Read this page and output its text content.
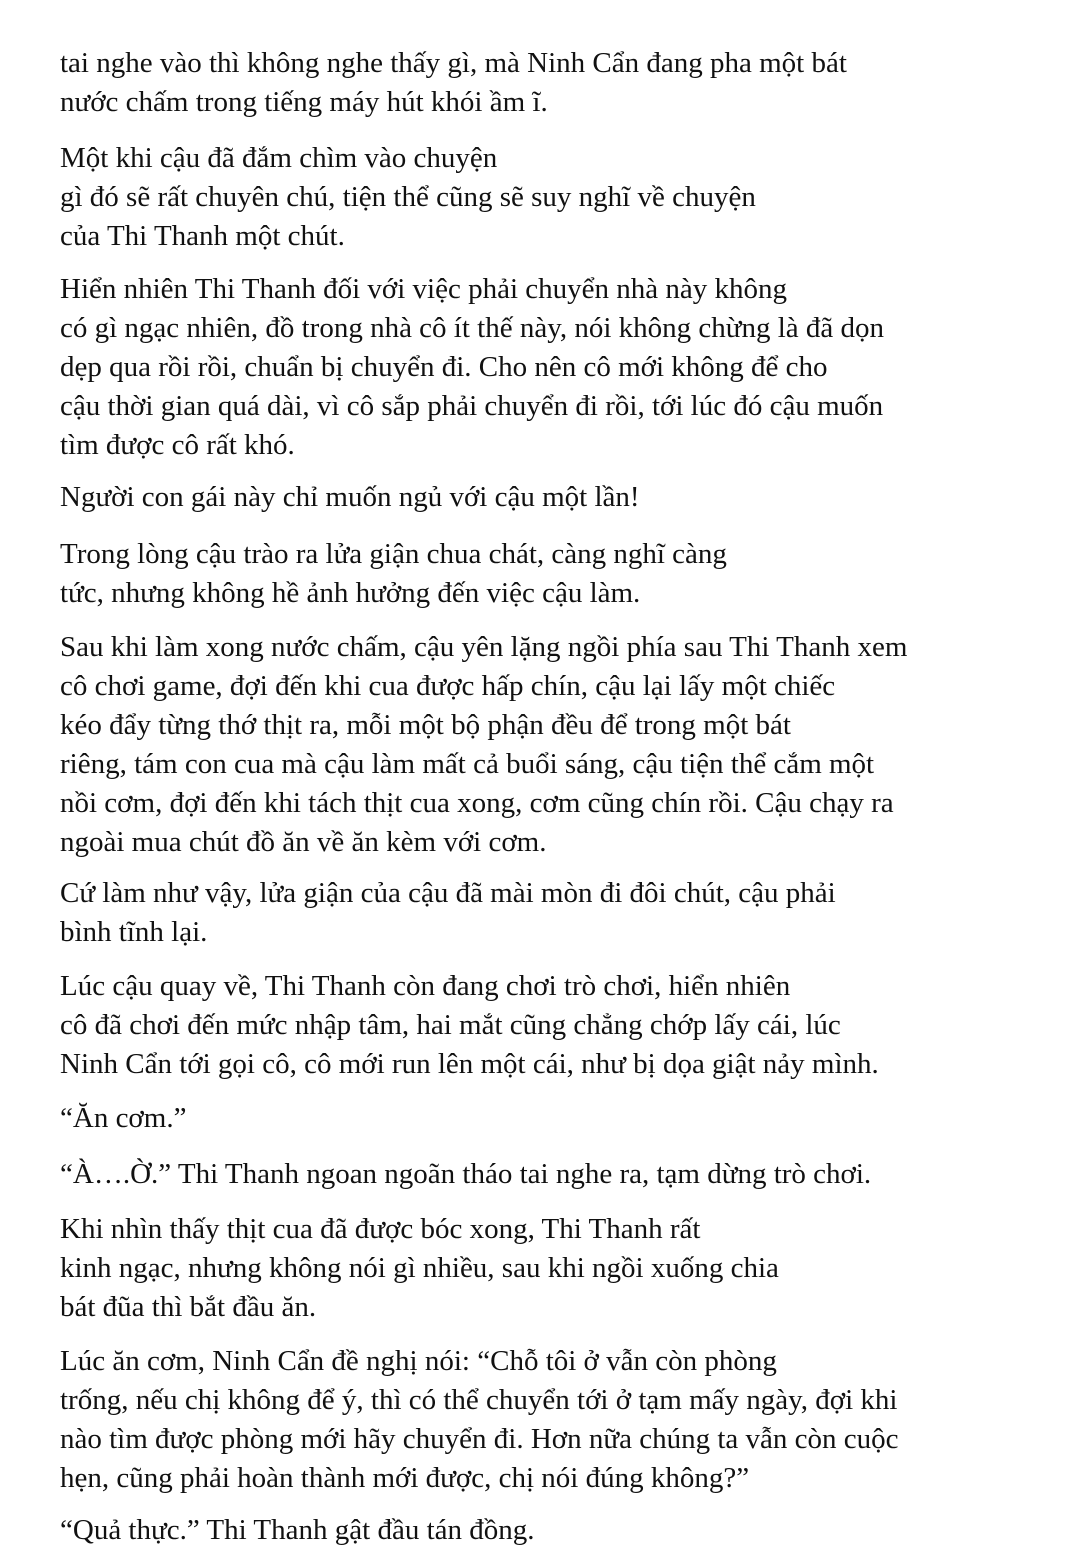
tai nghe vào thì không nghe thấy gì, mà Ninh Cẩn đang pha một bát
nước chấm trong tiếng máy hút khói ầm ĩ.

Một khi cậu đã đắm chìm vào chuyện
gì đó sẽ rất chuyên chú, tiện thể cũng sẽ suy nghĩ về chuyện
của Thi Thanh một chút.

Hiển nhiên Thi Thanh đối với việc phải chuyển nhà này không
có gì ngạc nhiên, đồ trong nhà cô ít thế này, nói không chừng là đã dọn
dẹp qua rồi rồi, chuẩn bị chuyển đi. Cho nên cô mới không để cho
cậu thời gian quá dài, vì cô sắp phải chuyển đi rồi, tới lúc đó cậu muốn
tìm được cô rất khó.

Người con gái này chỉ muốn ngủ với cậu một lần!

Trong lòng cậu trào ra lửa giận chua chát, càng nghĩ càng
tức, nhưng không hề ảnh hưởng đến việc cậu làm.

Sau khi làm xong nước chấm, cậu yên lặng ngồi phía sau Thi Thanh xem
cô chơi game, đợi đến khi cua được hấp chín, cậu lại lấy một chiếc
kéo đẩy từng thớ thịt ra, mỗi một bộ phận đều để trong một bát
riêng, tám con cua mà cậu làm mất cả buổi sáng, cậu tiện thể cắm một
nồi cơm, đợi đến khi tách thịt cua xong, cơm cũng chín rồi. Cậu chạy ra
ngoài mua chút đồ ăn về ăn kèm với cơm.

Cứ làm như vậy, lửa giận của cậu đã mài mòn đi đôi chút, cậu phải
bình tĩnh lại.

Lúc cậu quay về, Thi Thanh còn đang chơi trò chơi, hiển nhiên
cô đã chơi đến mức nhập tâm, hai mắt cũng chẳng chớp lấy cái, lúc
Ninh Cẩn tới gọi cô, cô mới run lên một cái, như bị dọa giật nảy mình.

“Ăn cơm.”

“À….Ờ.” Thi Thanh ngoan ngoãn tháo tai nghe ra, tạm dừng trò chơi.

Khi nhìn thấy thịt cua đã được bóc xong, Thi Thanh rất
kinh ngạc, nhưng không nói gì nhiều, sau khi ngồi xuống chia
bát đũa thì bắt đầu ăn.

Lúc ăn cơm, Ninh Cẩn đề nghị nói: “Chỗ tôi ở vẫn còn phòng
trống, nếu chị không để ý, thì có thể chuyển tới ở tạm mấy ngày, đợi khi
nào tìm được phòng mới hãy chuyển đi. Hơn nữa chúng ta vẫn còn cuộc
hẹn, cũng phải hoàn thành mới được, chị nói đúng không?”

“Quả thực.” Thi Thanh gật đầu tán đồng.
